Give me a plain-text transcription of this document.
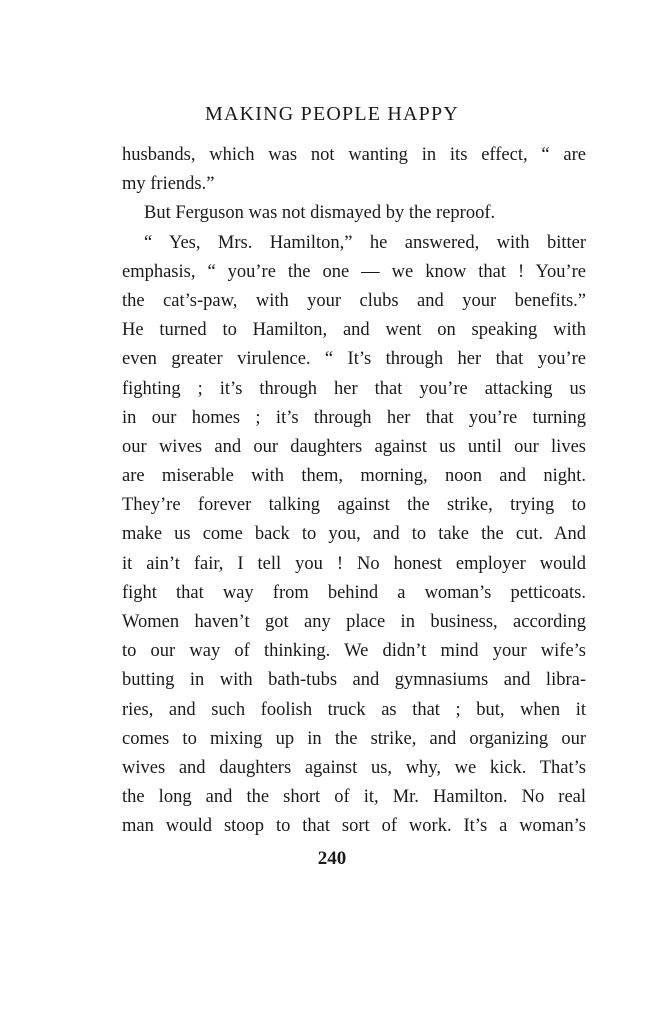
MAKING PEOPLE HAPPY
husbands, which was not wanting in its effect, “ are
my friends.”
But Ferguson was not dismayed by the reproof.
“ Yes, Mrs. Hamilton,” he answered, with bitter
emphasis, “ you’re the one — we know that ! You’re
the cat’s-paw, with your clubs and your benefits.”
He turned to Hamilton, and went on speaking with
even greater virulence. “ It’s through her that you’re
fighting ; it’s through her that you’re attacking us
in our homes ; it’s through her that you’re turning
our wives and our daughters against us until our lives
are miserable with them, morning, noon and night.
They’re forever talking against the strike, trying to
make us come back to you, and to take the cut. And
it ain’t fair, I tell you ! No honest employer would
fight that way from behind a woman’s petticoats.
Women haven’t got any place in business, according
to our way of thinking. We didn’t mind your wife’s
butting in with bath-tubs and gymnasiums and libra-
ries, and such foolish truck as that ; but, when it
comes to mixing up in the strike, and organizing our
wives and daughters against us, why, we kick. That’s
the long and the short of it, Mr. Hamilton. No real
man would stoop to that sort of work. It’s a woman’s
240
